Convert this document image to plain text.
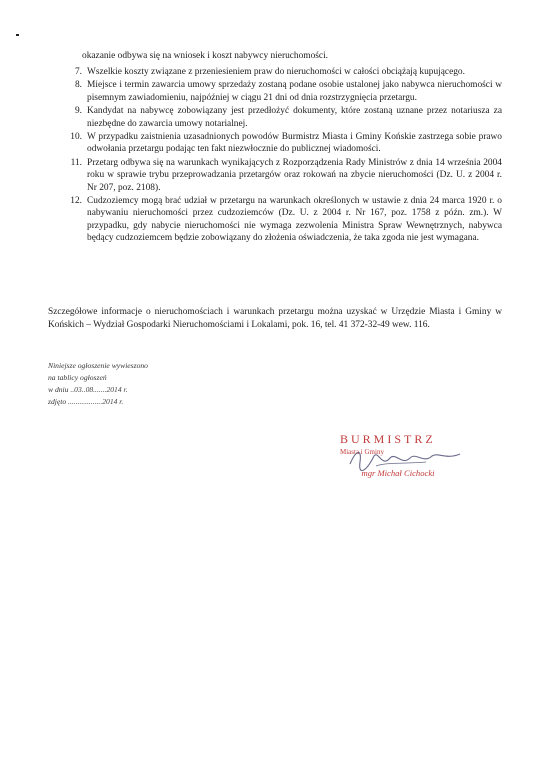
okazanie odbywa się na wniosek i koszt nabywcy nieruchomości.
7. Wszelkie koszty związane z przeniesieniem praw do nieruchomości w całości obciążają kupującego.
8. Miejsce i termin zawarcia umowy sprzedaży zostaną podane osobie ustalonej jako nabywca nieruchomości w pisemnym zawiadomieniu, najpóźniej w ciągu 21 dni od dnia rozstrzygnięcia przetargu.
9. Kandydat na nabywcę zobowiązany jest przedłożyć dokumenty, które zostaną uznane przez notariusza za niezbędne do zawarcia umowy notarialnej.
10. W przypadku zaistnienia uzasadnionych powodów Burmistrz Miasta i Gminy Końskie zastrzega sobie prawo odwołania przetargu podając ten fakt niezwłocznie do publicznej wiadomości.
11. Przetarg odbywa się na warunkach wynikających z Rozporządzenia Rady Ministrów z dnia 14 września 2004 roku w sprawie trybu przeprowadzania przetargów oraz rokowań na zbycie nieruchomości (Dz. U. z 2004 r. Nr 207, poz. 2108).
12. Cudzoziemcy mogą brać udział w przetargu na warunkach określonych w ustawie z dnia 24 marca 1920 r. o nabywaniu nieruchomości przez cudzoziemców (Dz. U. z 2004 r. Nr 167, poz. 1758 z późn. zm.). W przypadku, gdy nabycie nieruchomości nie wymaga zezwolenia Ministra Spraw Wewnętrznych, nabywca będący cudzoziemcem będzie zobowiązany do złożenia oświadczenia, że taka zgoda nie jest wymagana.
Szczegółowe informacje o nieruchomościach i warunkach przetargu można uzyskać w Urzędzie Miasta i Gminy w Końskich – Wydział Gospodarki Nieruchomościami i Lokalami, pok. 16, tel. 41 372-32-49 wew. 116.
Niniejsze ogłoszenie wywieszono
na tablicy ogłoszeń
w dniu ..03..08.......2014 r.
zdjęto ..................2014 r.
BURMISTRZ
Miasta i Gminy
mgr Michał Cichocki
